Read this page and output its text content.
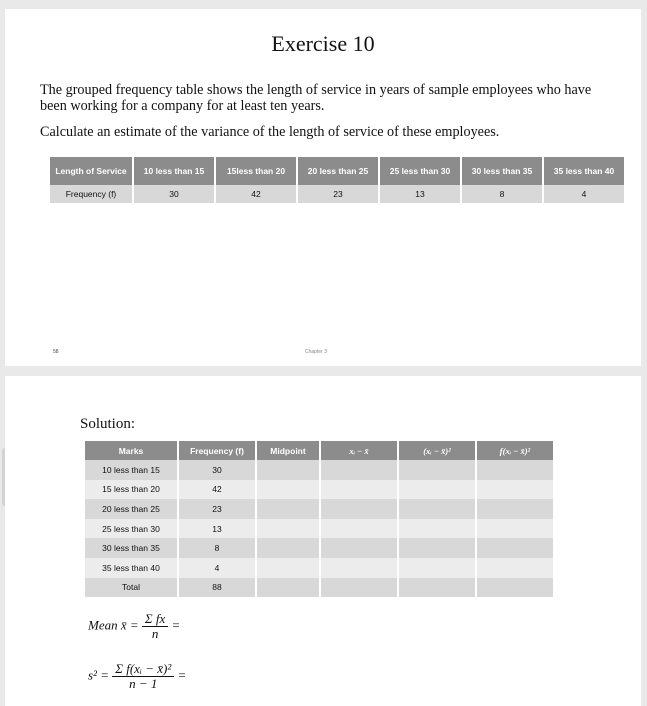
Exercise 10
The grouped frequency table shows the length of service in years of sample employees who have been working for a company for at least ten years.
Calculate an estimate of the variance of the length of service of these employees.
Length of Service	10 less than 15	15less than 20	20 less than 25	25 less than 30	30 less than 35	35 less than 40
Frequency (f)	30	42	23	13	8	4
58	Chapter 3
Solution:
Marks	Frequency (f)	Midpoint	xᵢ − x̄	(xᵢ − x̄)²	f(xᵢ − x̄)²
10 less than 15	30				
15 less than 20	42				
20 less than 25	23				
25 less than 30	13				
30 less than 35	8				
35 less than 40	4				
Total	88				
Mean x̄ = $\frac{\text{Σ fx}}{n}$ =
$s^2 = \frac{\text{Σ f(xᵢ − x̄)²}}{n - 1}$ =
